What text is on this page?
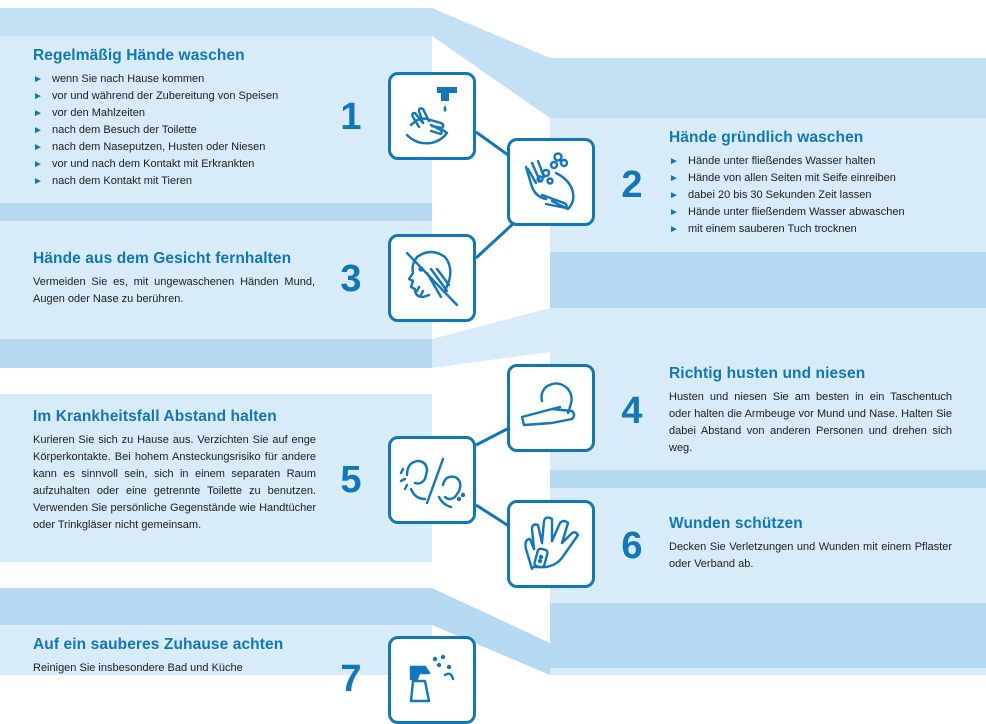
Regelmäßig Hände waschen
► wenn Sie nach Hause kommen
► vor und während der Zubereitung von Speisen
► vor den Mahlzeiten
► nach dem Besuch der Toilette
► nach dem Naseputzen, Husten oder Niesen
► vor und nach dem Kontakt mit Erkrankten
► nach dem Kontakt mit Tieren
1
2
Hände gründlich waschen
► Hände unter fließendes Wasser halten
► Hände von allen Seiten mit Seife einreiben
► dabei 20 bis 30 Sekunden Zeit lassen
► Hände unter fließendem Wasser abwaschen
► mit einem sauberen Tuch trocknen
Hände aus dem Gesicht fernhalten

Vermeiden Sie es, mit ungewaschenen Händen Mund, Augen oder Nase zu berühren.	3
4
Richtig husten und niesen

Husten und niesen Sie am besten in ein Taschentuch oder halten die Armbeuge vor Mund und Nase. Halten Sie dabei Abstand von anderen Personen und drehen sich weg.

Im Krankheitsfall Abstand halten

Kurieren Sie sich zu Hause aus. Verzichten Sie auf enge Körperkontakte. Bei hohem Ansteckungsrisiko für andere kann es sinnvoll sein, sich in einem separaten Raum aufzuhalten oder eine getrennte Toilette zu benutzen. Verwenden Sie persönliche Gegenstände wie Handtücher oder Trinkgläser nicht gemeinsam.

5
6
Wunden schützen

Decken Sie Verletzungen und Wunden mit einem Pflaster oder Verband ab.

Auf ein sauberes Zuhause achten

Reinigen Sie insbesondere Bad und Küche	7
